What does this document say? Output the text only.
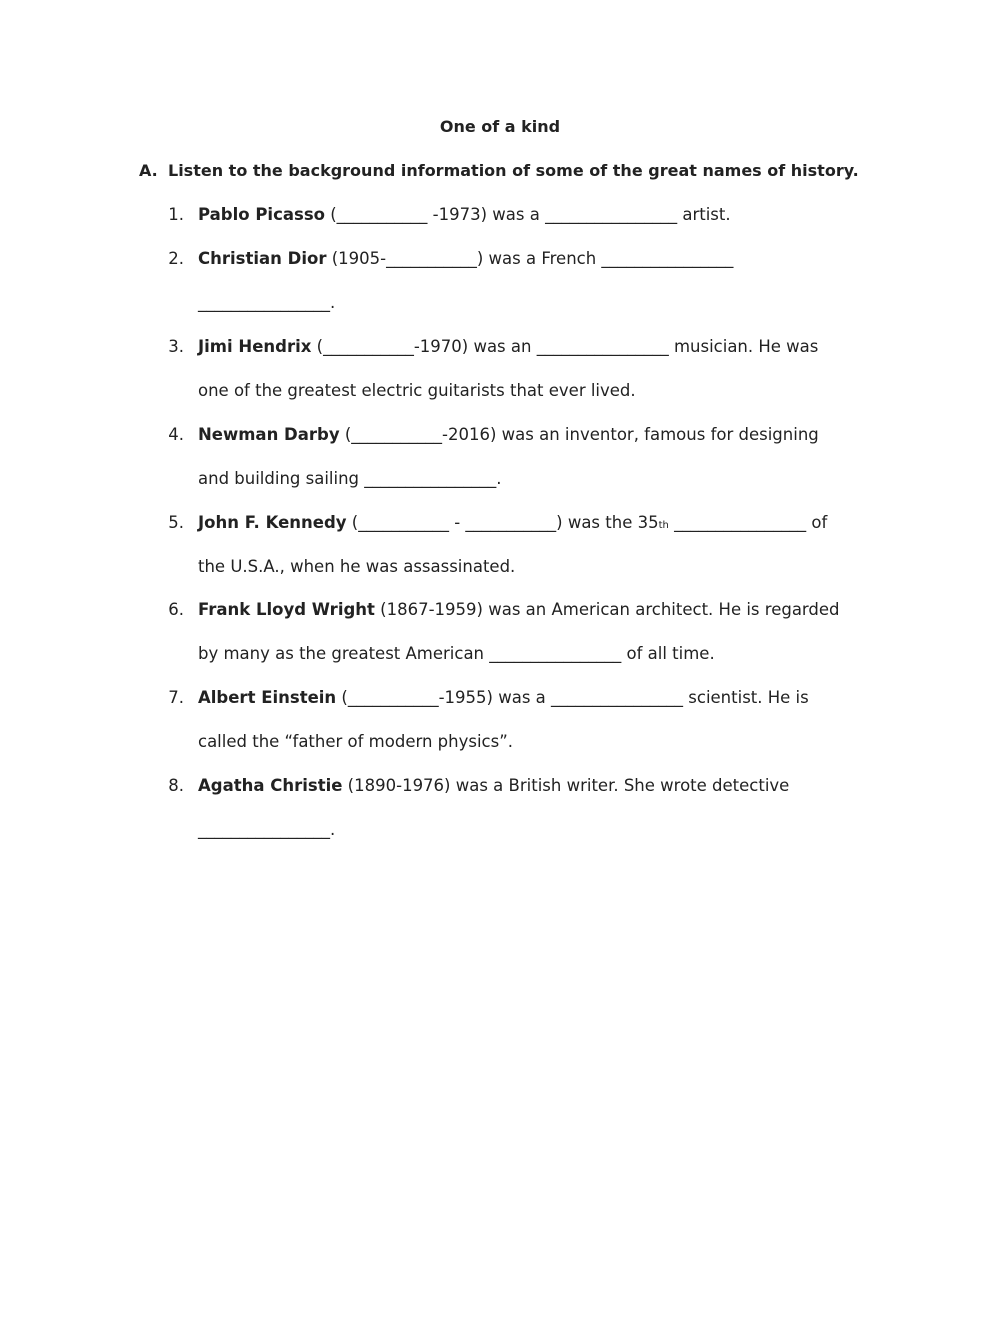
One of a kind
A. Listen to the background information of some of the great names of history.
1. Pablo Picasso (___________ -1973) was a ________________ artist.
2. Christian Dior (1905-___________) was a French ________________
________________.
3. Jimi Hendrix (___________-1970) was an ________________ musician. He was
one of the greatest electric guitarists that ever lived.
4. Newman Darby (___________-2016) was an inventor, famous for designing
and building sailing ________________.
5. John F. Kennedy (___________ - ___________) was the 35th ________________ of
the U.S.A., when he was assassinated.
6. Frank Lloyd Wright (1867-1959) was an American architect. He is regarded
by many as the greatest American ________________ of all time.
7. Albert Einstein (___________-1955) was a ________________ scientist. He is
called the “father of modern physics”.
8. Agatha Christie (1890-1976) was a British writer. She wrote detective
________________.
